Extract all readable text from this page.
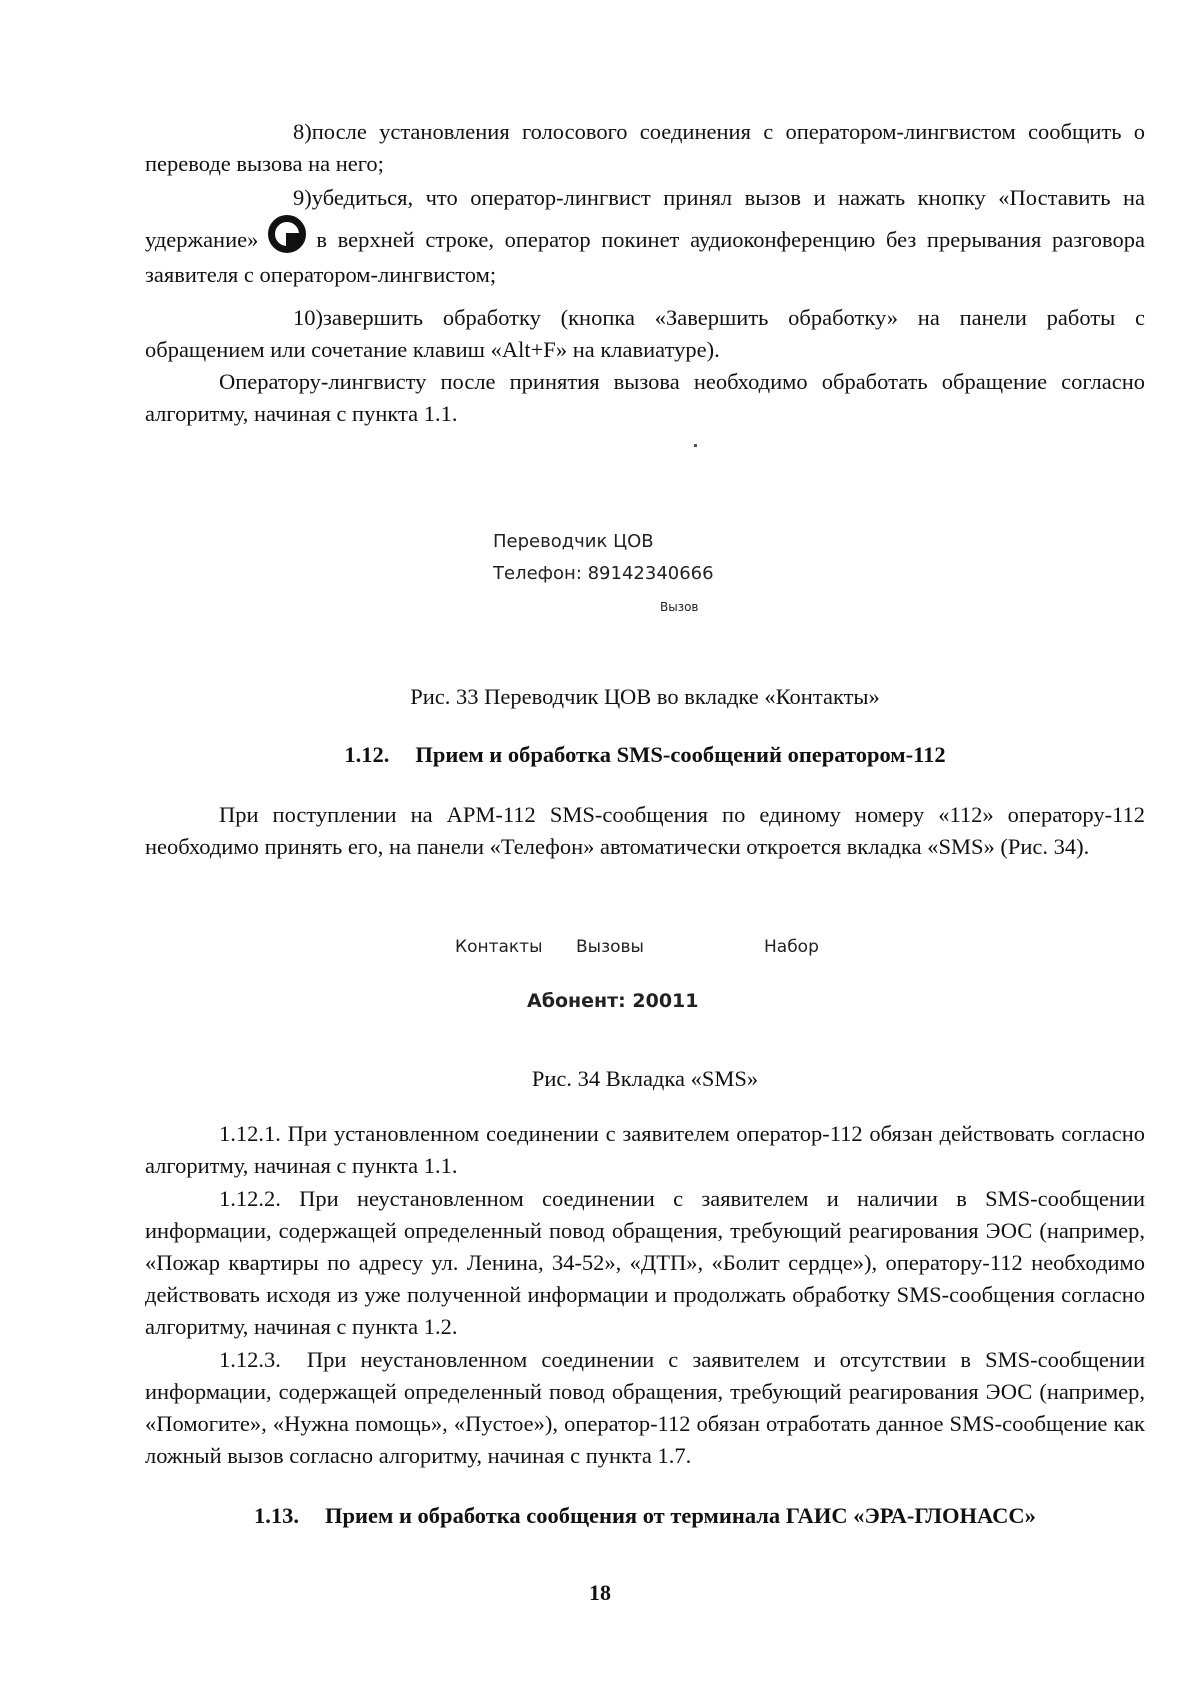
8)после установления голосового соединения с оператором-лингвистом сообщить о переводе вызова на него;

9)убедиться, что оператор-лингвист принял вызов и нажать кнопку «Поставить на удержание»	в верхней строке, оператор покинет аудиоконференцию без прерывания разговора заявителя с оператором-лингвистом;

10)завершить обработку (кнопка «Завершить обработку» на панели работы с обращением или сочетание клавиш «Alt+F» на клавиатуре).

Оператору-лингвисту после принятия вызова необходимо обработать обращение согласно алгоритму, начиная с пункта 1.1.

Переводчик ЦОВ
Телефон: 89142340666
Вызов
Рис. 33 Переводчик ЦОВ во вкладке «Контакты»
1.12. Прием и обработка SMS-сообщений оператором-112

При поступлении на АРМ-112 SMS-сообщения по единому номеру «112» оператору-112 необходимо принять его, на панели «Телефон» автоматически откроется вкладка «SMS» (Рис. 34).

Контакты Вызовы	Набор
Абонент: 20011
Рис. 34 Вкладка «SMS»

1.12.1. При установленном соединении с заявителем оператор-112 обязан действовать согласно алгоритму, начиная с пункта 1.1.

1.12.2. При неустановленном соединении с заявителем и наличии в SMS-сообщении информации, содержащей определенный повод обращения, требующий реагирования ЭОС (например, «Пожар квартиры по адресу ул. Ленина, 34-52», «ДТП», «Болит сердце»), оператору-112 необходимо действовать исходя из уже полученной информации и продолжать обработку SMS-сообщения согласно алгоритму, начиная с пункта 1.2.

1.12.3. При неустановленном соединении с заявителем и отсутствии в SMS-сообщении информации, содержащей определенный повод обращения, требующий реагирования ЭОС (например, «Помогите», «Нужна помощь», «Пустое»), оператор-112 обязан отработать данное SMS-сообщение как ложный вызов согласно алгоритму, начиная с пункта 1.7.

1.13. Прием и обработка сообщения от терминала ГАИС «ЭРА-ГЛОНАСС»
18
